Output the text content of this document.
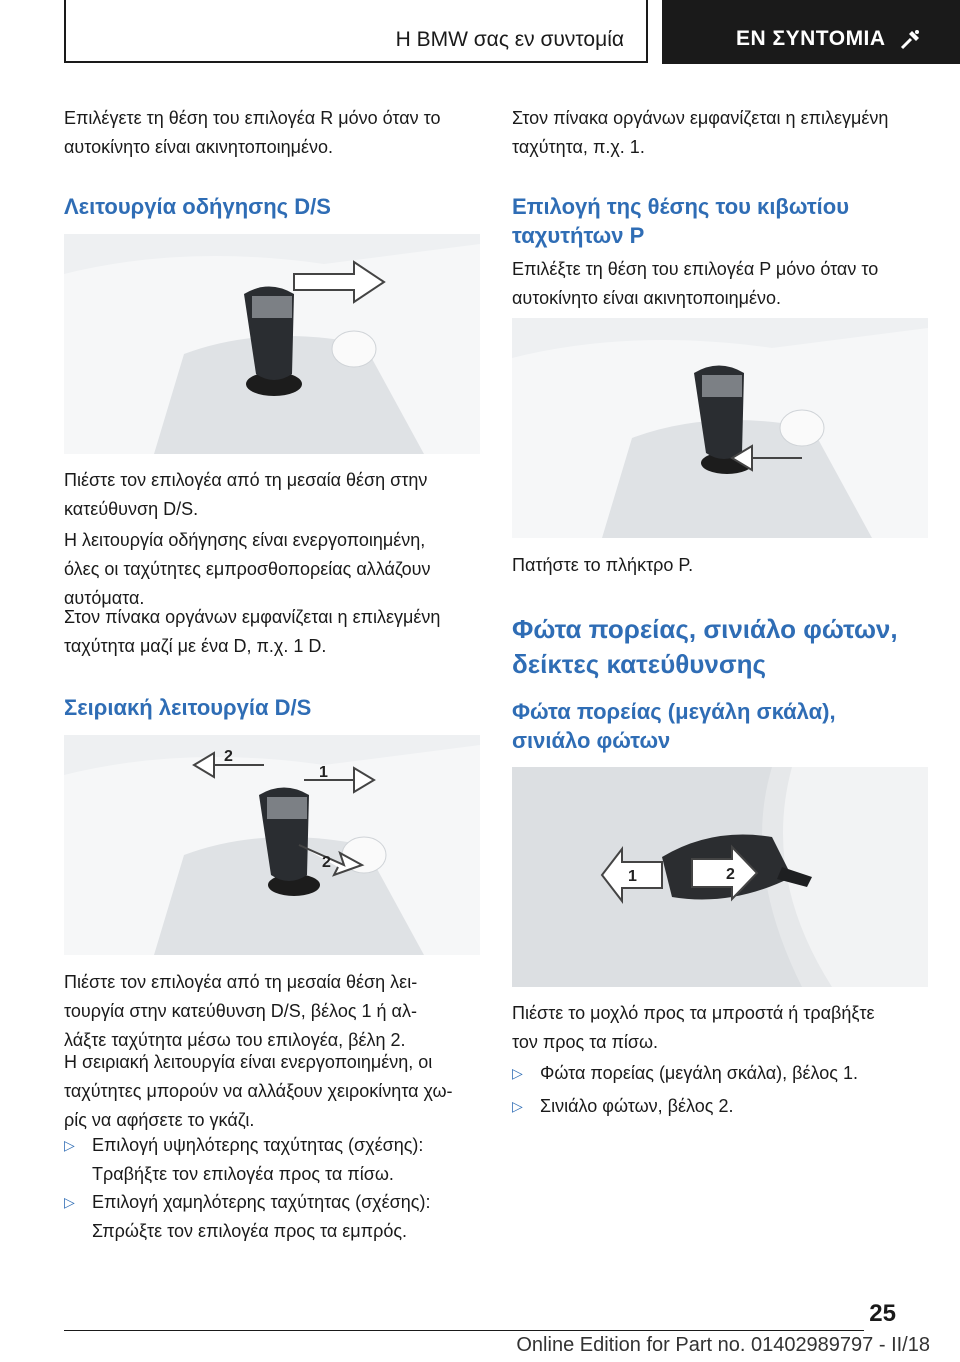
Η BMW σας εν συντομία	ΕΝ ΣΥΝΤΟΜΙΑ

Επιλέγετε τη θέση του επιλογέα R μόνο όταν το

αυτοκίνητο είναι ακινητοποιημένο.

Λειτουργία οδήγησης D/S

Πιέστε τον επιλογέα από τη μεσαία θέση στην

κατεύθυνση D/S.

Η λειτουργία οδήγησης είναι ενεργοποιημένη,

όλες οι ταχύτητες εμπροσθοπορείας αλλάζουν

αυτόματα.

Στον πίνακα οργάνων εμφανίζεται η επιλεγμένη

ταχύτητα μαζί με ένα D, π.χ. 1 D.

Σειριακή λειτουργία D/S
2
1
2

Πιέστε τον επιλογέα από τη μεσαία θέση λει-

τουργία στην κατεύθυνση D/S, βέλος 1 ή αλ-

λάξτε ταχύτητα μέσω του επιλογέα, βέλη 2.

Η σειριακή λειτουργία είναι ενεργοποιημένη, οι

ταχύτητες μπορούν να αλλάξουν χειροκίνητα χω-

ρίς να αφήσετε το γκάζι.

▷ Επιλογή υψηλότερης ταχύτητας (σχέσης):

Τραβήξτε τον επιλογέα προς τα πίσω.

▷ Επιλογή χαμηλότερης ταχύτητας (σχέσης):

Σπρώξτε τον επιλογέα προς τα εμπρός.

Στον πίνακα οργάνων εμφανίζεται η επιλεγμένη

ταχύτητα, π.χ. 1.

Επιλογή της θέσης του κιβωτίου
ταχυτήτων P

Επιλέξτε τη θέση του επιλογέα P μόνο όταν το

αυτοκίνητο είναι ακινητοποιημένο.

Πατήστε το πλήκτρο P.

Φώτα πορείας, σινιάλο φώτων,
δείκτες κατεύθυνσης
Φώτα πορείας (μεγάλη σκάλα),
σινιάλο φώτων
1	2

Πιέστε το μοχλό προς τα μπροστά ή τραβήξτε

τον προς τα πίσω.

▷ Φώτα πορείας (μεγάλη σκάλα), βέλος 1.

▷ Σινιάλο φώτων, βέλος 2.

25
Online Edition for Part no. 01402989797 - II/18
